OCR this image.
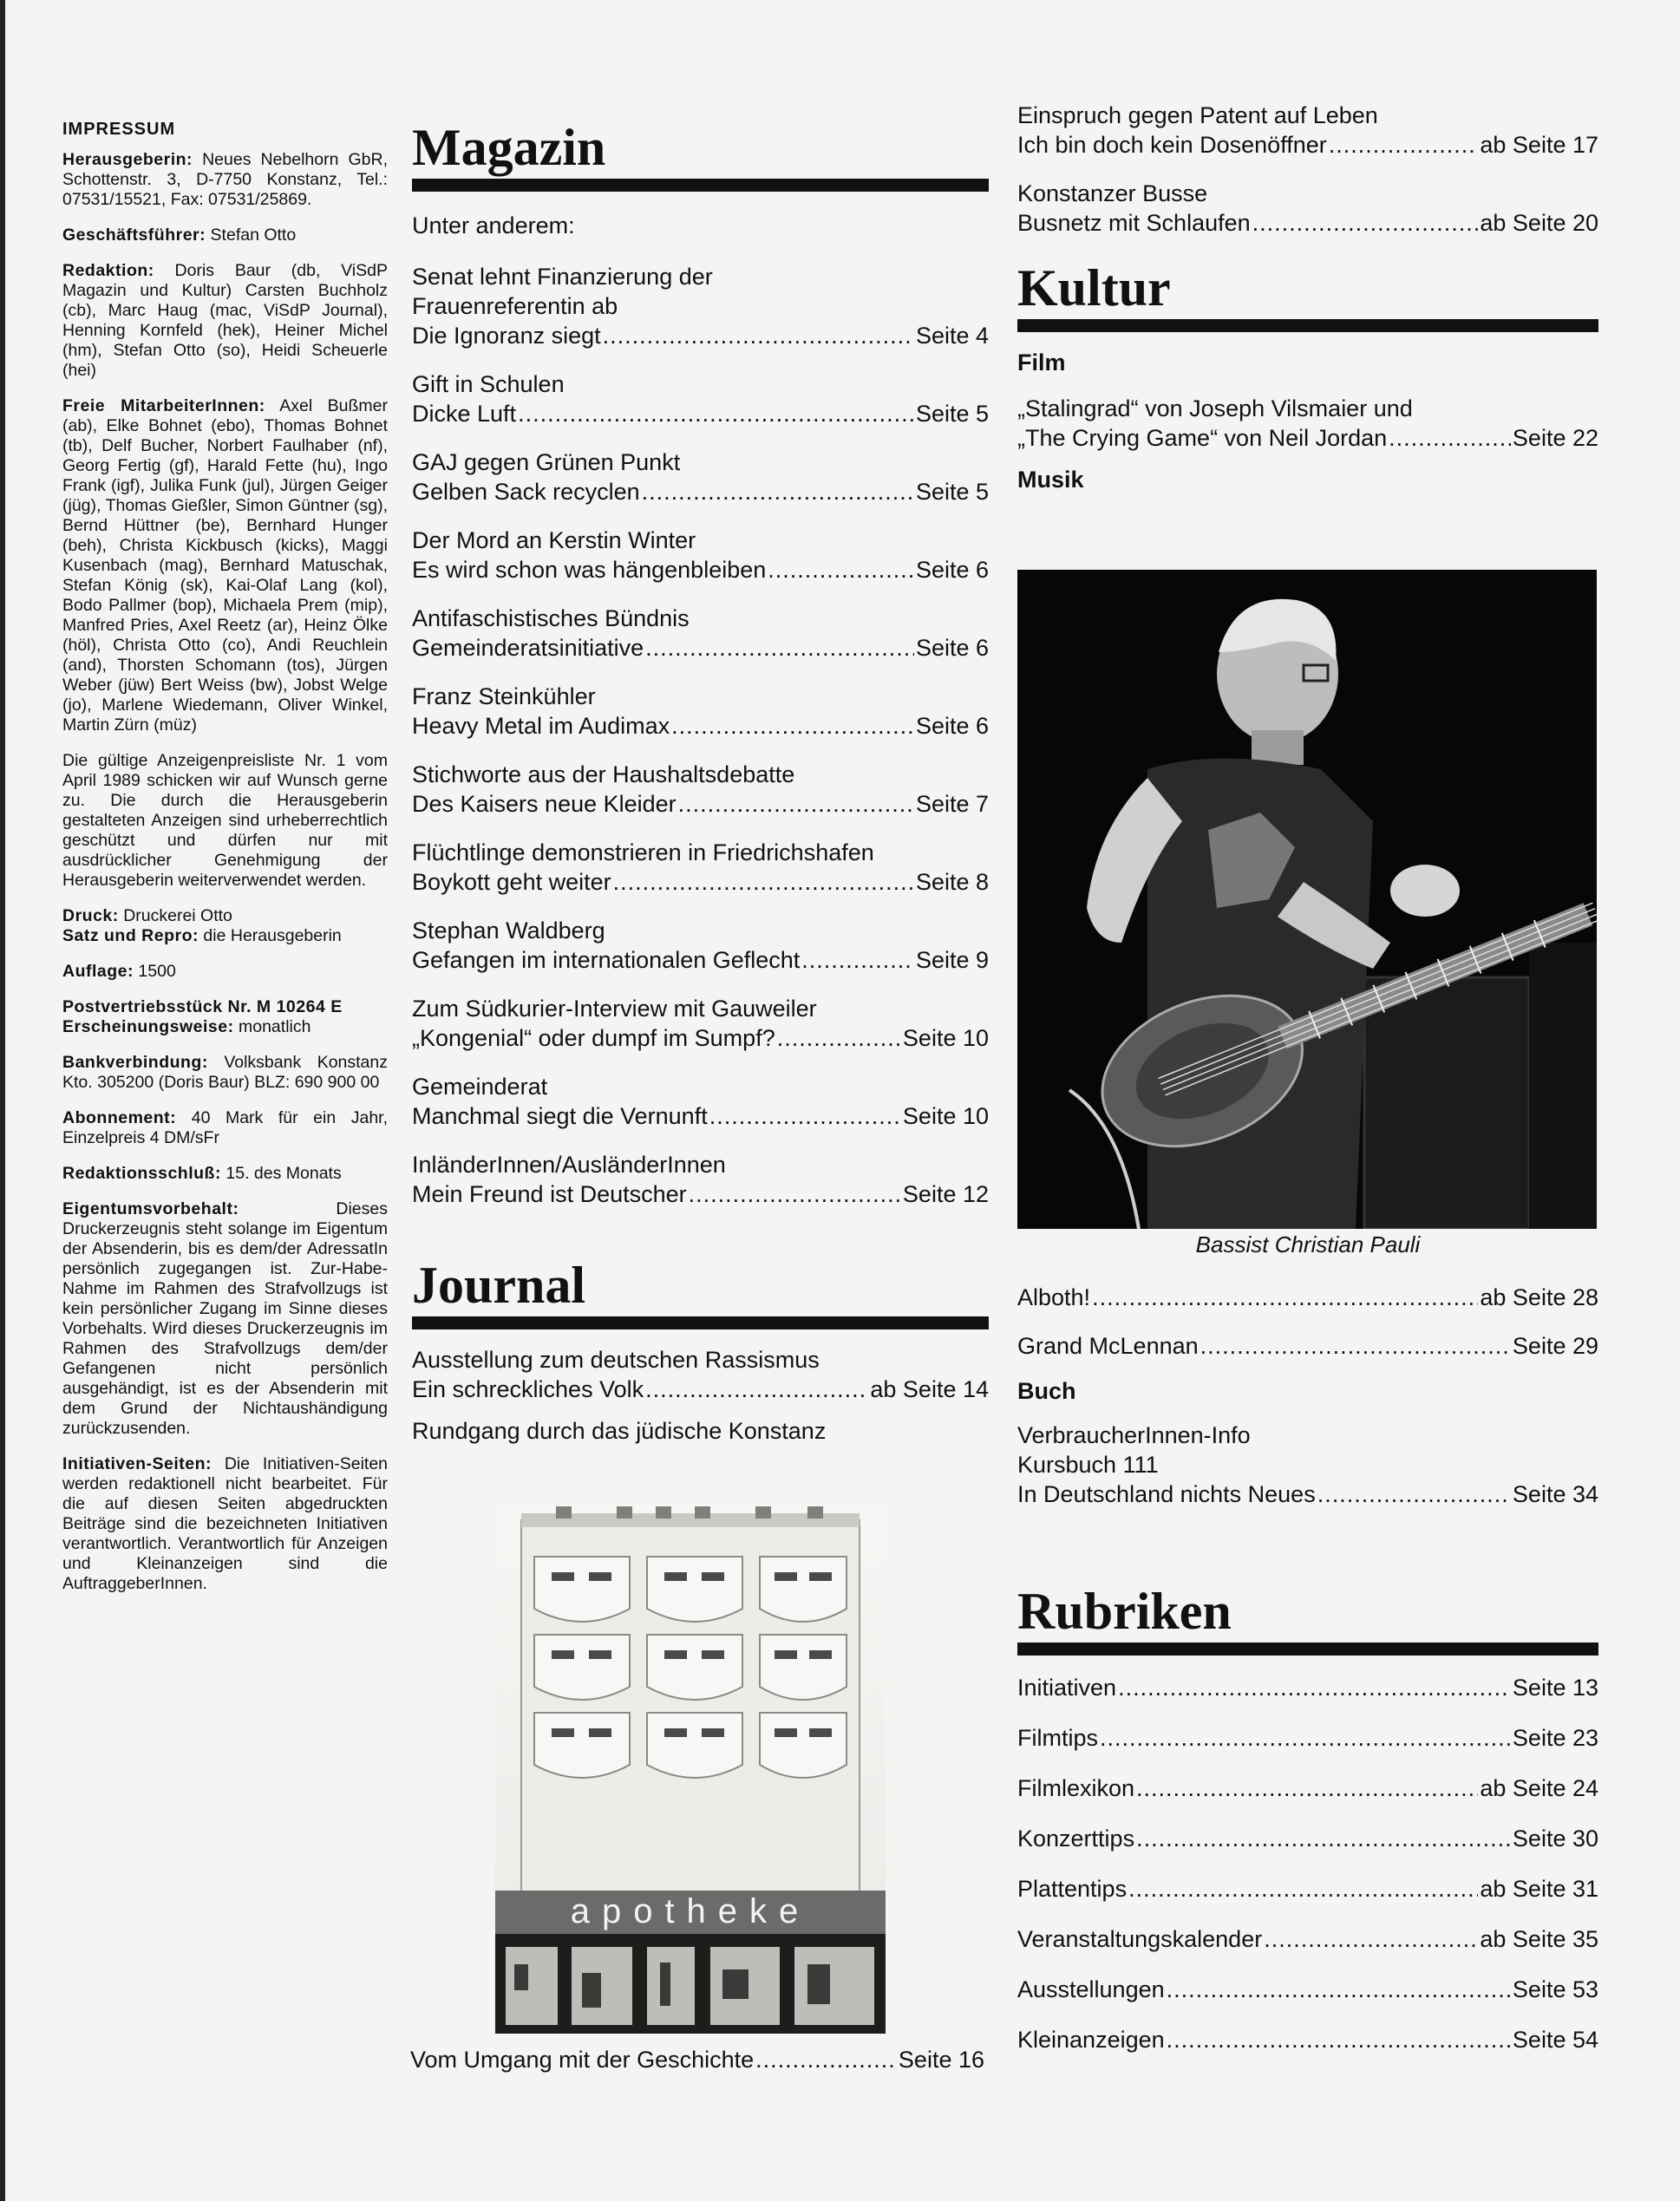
IMPRESSUM

Herausgeberin: Neues Nebelhorn GbR, Schottenstr. 3, D-7750 Konstanz, Tel.: 07531/15521, Fax: 07531/25869.

Geschäftsführer: Stefan Otto

Redaktion: Doris Baur (db, ViSdP Magazin und Kultur) Carsten Buchholz (cb), Marc Haug (mac, ViSdP Journal), Henning Kornfeld (hek), Heiner Michel (hm), Stefan Otto (so), Heidi Scheuerle (hei)

Freie MitarbeiterInnen: Axel Bußmer (ab), Elke Bohnet (ebo), Thomas Bohnet (tb), Delf Bucher, Norbert Faulhaber (nf), Georg Fertig (gf), Harald Fette (hu), Ingo Frank (igf), Julika Funk (jul), Jürgen Geiger (jüg), Thomas Gießler, Simon Güntner (sg), Bernd Hüttner (be), Bernhard Hunger (beh), Christa Kickbusch (kicks), Maggi Kusenbach (mag), Bernhard Matuschak, Stefan König (sk), Kai-Olaf Lang (kol), Bodo Pallmer (bop), Michaela Prem (mip), Manfred Pries, Axel Reetz (ar), Heinz Ölke (höl), Christa Otto (co), Andi Reuchlein (and), Thorsten Schomann (tos), Jürgen Weber (jüw) Bert Weiss (bw), Jobst Welge (jo), Marlene Wiedemann, Oliver Winkel, Martin Zürn (müz)

Die gültige Anzeigenpreisliste Nr. 1 vom April 1989 schicken wir auf Wunsch gerne zu. Die durch die Herausgeberin gestalteten Anzeigen sind urheberrechtlich geschützt und dürfen nur mit ausdrücklicher Genehmigung der Herausgeberin weiterverwendet werden.

Druck: Druckerei Otto
Satz und Repro: die Herausgeberin

Auflage: 1500

Postvertriebsstück Nr. M 10264 E
Erscheinungsweise: monatlich

Bankverbindung: Volksbank Konstanz Kto. 305200 (Doris Baur) BLZ: 690 900 00

Abonnement: 40 Mark für ein Jahr, Einzelpreis 4 DM/sFr

Redaktionsschluß: 15. des Monats

Eigentumsvorbehalt:	Dieses Druckerzeugnis steht solange im Eigentum der Absenderin, bis es dem/der AdressatIn persönlich zugegangen ist. Zur-Habe-Nahme im Rahmen des Strafvollzugs ist kein persönlicher Zugang im Sinne dieses Vorbehalts. Wird dieses Druckerzeugnis im Rahmen des Strafvollzugs dem/der Gefangenen nicht persönlich ausgehändigt, ist es der Absenderin mit dem Grund der Nichtaushändigung zurückzusenden.

Initiativen-Seiten: Die Initiativen-Seiten werden redaktionell nicht bearbeitet. Für die auf diesen Seiten abgedruckten Beiträge sind die bezeichneten Initiativen verantwortlich. Verantwortlich für Anzeigen und Kleinanzeigen sind die AuftraggeberInnen.

Magazin
Unter anderem:
Senat lehnt Finanzierung der
Frauenreferentin ab
Die Ignoranz siegt .....	Seite 4
Gift in Schulen
Dicke Luft .....	Seite 5
GAJ gegen Grünen Punkt
Gelben Sack recyclen .....	Seite 5
Der Mord an Kerstin Winter
Es wird schon was hängenbleiben .....	Seite 6
Antifaschistisches Bündnis
Gemeinderatsinitiative .....	Seite 6
Franz Steinkühler
Heavy Metal im Audimax .....	Seite 6
Stichworte aus der Haushaltsdebatte
Des Kaisers neue Kleider .....	Seite 7
Flüchtlinge demonstrieren in Friedrichshafen
Boykott geht weiter .....	Seite 8
Stephan Waldberg
Gefangen im internationalen Geflecht .....	Seite 9
Zum Südkurier-Interview mit Gauweiler
„Kongenial“ oder dumpf im Sumpf? .....	Seite 10
Gemeinderat
Manchmal siegt die Vernunft .....	Seite 10
InländerInnen/AusländerInnen
Mein Freund ist Deutscher .....	Seite 12
Journal
Ausstellung zum deutschen Rassismus
Ein schreckliches Volk .....	ab Seite 14
Rundgang durch das jüdische Konstanz
apotheke
Vom Umgang mit der Geschichte .....	Seite 16
Einspruch gegen Patent auf Leben
Ich bin doch kein Dosenöffner .....	ab Seite 17
Konstanzer Busse
Busnetz mit Schlaufen .....	ab Seite 20
Kultur
Film
„Stalingrad“ von Joseph Vilsmaier und
„The Crying Game“ von Neil Jordan .....	Seite 22
Musik
Bassist Christian Pauli
Alboth! .....	ab Seite 28
Grand McLennan .....	Seite 29
Buch
VerbraucherInnen-Info
Kursbuch 111
In Deutschland nichts Neues .....	Seite 34
Rubriken
Initiativen .....	Seite 13
Filmtips .....	Seite 23
Filmlexikon .....	ab Seite 24
Konzerttips .....	Seite 30
Plattentips .....	ab Seite 31
Veranstaltungskalender .....	ab Seite 35
Ausstellungen .....	Seite 53
Kleinanzeigen .....	Seite 54
